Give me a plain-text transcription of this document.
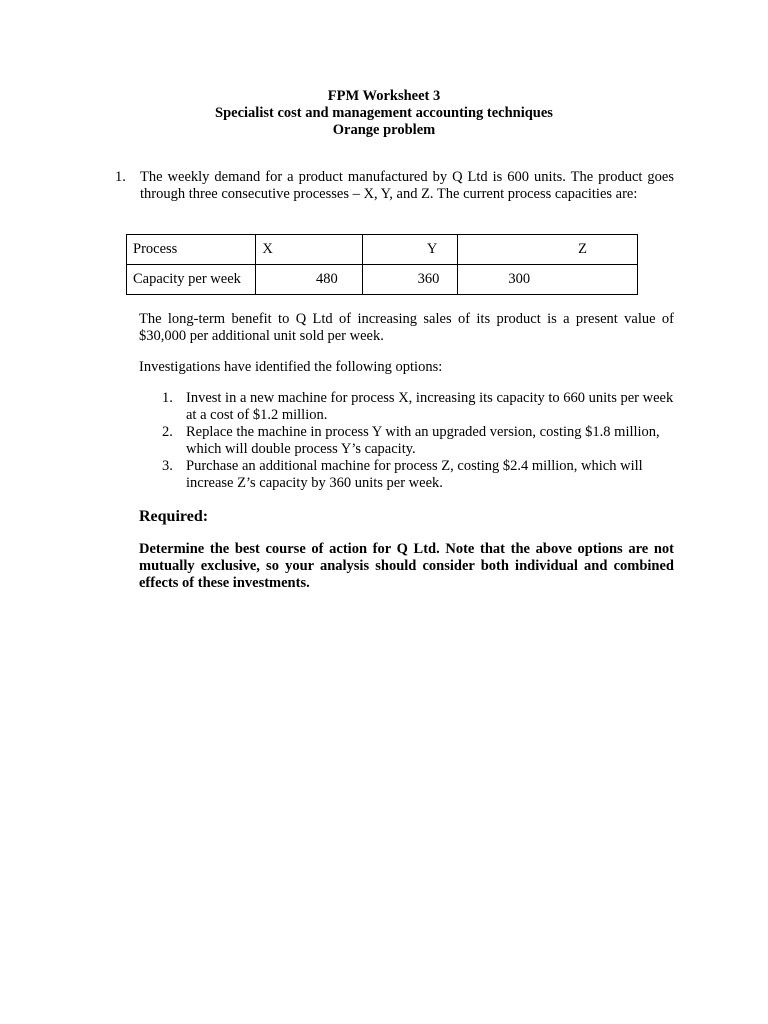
FPM Worksheet 3
Specialist cost and management accounting techniques
Orange problem
1. The weekly demand for a product manufactured by Q Ltd is 600 units. The product goes through three consecutive processes – X, Y, and Z. The current process capacities are:
Process	X	Y	Z
Capacity per week	480	360	300
The long-term benefit to Q Ltd of increasing sales of its product is a present value of $30,000 per additional unit sold per week.
Investigations have identified the following options:
1. Invest in a new machine for process X, increasing its capacity to 660 units per week at a cost of $1.2 million.
2. Replace the machine in process Y with an upgraded version, costing $1.8 million, which will double process Y’s capacity.
3. Purchase an additional machine for process Z, costing $2.4 million, which will increase Z’s capacity by 360 units per week.
Required:
Determine the best course of action for Q Ltd. Note that the above options are not mutually exclusive, so your analysis should consider both individual and combined effects of these investments.
